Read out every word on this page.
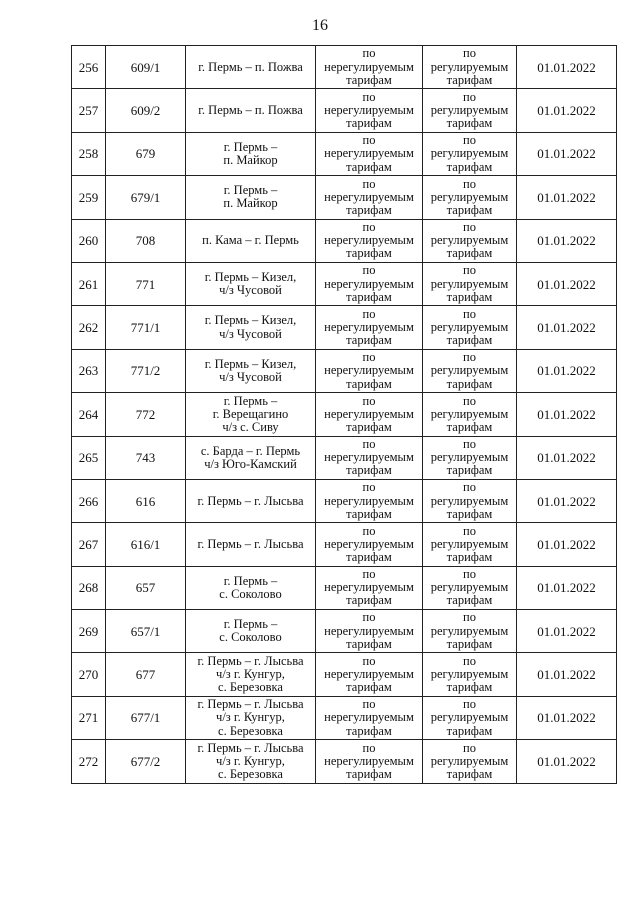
16
256	609/1	г. Пермь – п. Пожва	по
нерегулируемым
тарифам	по
регулируемым
тарифам	01.01.2022
257	609/2	г. Пермь – п. Пожва	по
нерегулируемым
тарифам	по
регулируемым
тарифам	01.01.2022
258	679	г. Пермь –
п. Майкор	по
нерегулируемым
тарифам	по
регулируемым
тарифам	01.01.2022
259	679/1	г. Пермь –
п. Майкор	по
нерегулируемым
тарифам	по
регулируемым
тарифам	01.01.2022
260	708	п. Кама – г. Пермь	по
нерегулируемым
тарифам	по
регулируемым
тарифам	01.01.2022
261	771	г. Пермь – Кизел,
ч/з Чусовой	по
нерегулируемым
тарифам	по
регулируемым
тарифам	01.01.2022
262	771/1	г. Пермь – Кизел,
ч/з Чусовой	по
нерегулируемым
тарифам	по
регулируемым
тарифам	01.01.2022
263	771/2	г. Пермь – Кизел,
ч/з Чусовой	по
нерегулируемым
тарифам	по
регулируемым
тарифам	01.01.2022
264	772	г. Пермь –
г. Верещагино
ч/з с. Сиву	по
нерегулируемым
тарифам	по
регулируемым
тарифам	01.01.2022
265	743	с. Барда – г. Пермь
ч/з Юго-Камский	по
нерегулируемым
тарифам	по
регулируемым
тарифам	01.01.2022
266	616	г. Пермь – г. Лысьва	по
нерегулируемым
тарифам	по
регулируемым
тарифам	01.01.2022
267	616/1	г. Пермь – г. Лысьва	по
нерегулируемым
тарифам	по
регулируемым
тарифам	01.01.2022
268	657	г. Пермь –
с. Соколово	по
нерегулируемым
тарифам	по
регулируемым
тарифам	01.01.2022
269	657/1	г. Пермь –
с. Соколово	по
нерегулируемым
тарифам	по
регулируемым
тарифам	01.01.2022
270	677	г. Пермь – г. Лысьва
ч/з г. Кунгур,
с. Березовка	по
нерегулируемым
тарифам	по
регулируемым
тарифам	01.01.2022
271	677/1	г. Пермь – г. Лысьва
ч/з г. Кунгур,
с. Березовка	по
нерегулируемым
тарифам	по
регулируемым
тарифам	01.01.2022
272	677/2	г. Пермь – г. Лысьва
ч/з г. Кунгур,
с. Березовка	по
нерегулируемым
тарифам	по
регулируемым
тарифам	01.01.2022
